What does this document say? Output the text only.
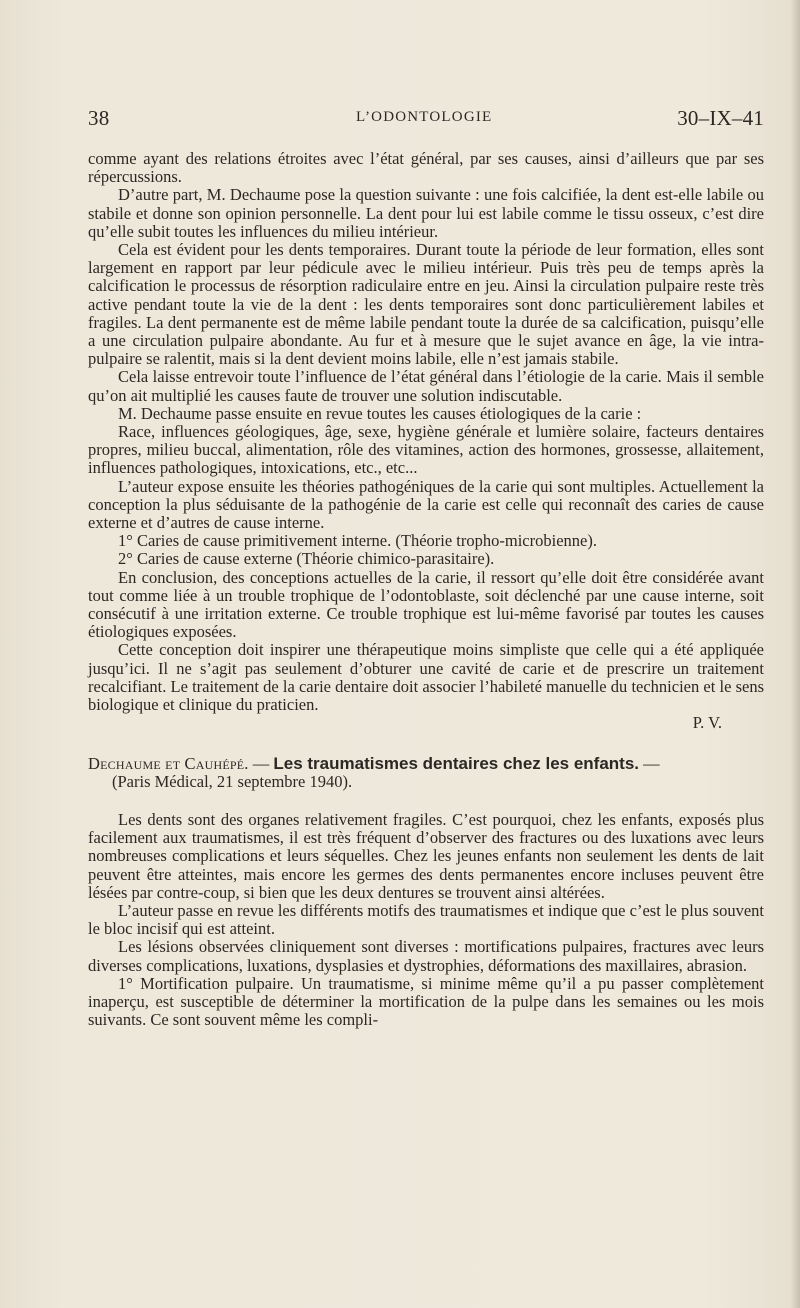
38	L’ODONTOLOGIE	30–IX–41

comme ayant des relations étroites avec l’état général, par ses causes, ainsi d’ailleurs que par ses répercussions.

D’autre part, M. Dechaume pose la question suivante : une fois calcifiée, la dent est-elle labile ou stabile et donne son opinion personnelle. La dent pour lui est labile comme le tissu osseux, c’est dire qu’elle subit toutes les influences du milieu intérieur.

Cela est évident pour les dents temporaires. Durant toute la période de leur formation, elles sont largement en rapport par leur pédicule avec le milieu intérieur. Puis très peu de temps après la calcification le processus de résorption radiculaire entre en jeu. Ainsi la circulation pulpaire reste très active pendant toute la vie de la dent : les dents temporaires sont donc particulièrement labiles et fragiles. La dent permanente est de même labile pendant toute la durée de sa calcification, puisqu’elle a une circulation pulpaire abondante. Au fur et à mesure que le sujet avance en âge, la vie intra-pulpaire se ralentit, mais si la dent devient moins labile, elle n’est jamais stabile.

Cela laisse entrevoir toute l’influence de l’état général dans l’étiologie de la carie. Mais il semble qu’on ait multiplié les causes faute de trouver une solution indiscutable.

M. Dechaume passe ensuite en revue toutes les causes étiologiques de la carie :

Race, influences géologiques, âge, sexe, hygiène générale et lumière solaire, facteurs dentaires propres, milieu buccal, alimentation, rôle des vitamines, action des hormones, grossesse, allaitement, influences pathologiques, intoxications, etc., etc...

L’auteur expose ensuite les théories pathogéniques de la carie qui sont multiples. Actuellement la conception la plus séduisante de la pathogénie de la carie est celle qui reconnaît des caries de cause externe et d’autres de cause interne.

1° Caries de cause primitivement interne. (Théorie tropho-microbienne).

2° Caries de cause externe (Théorie chimico-parasitaire).

En conclusion, des conceptions actuelles de la carie, il ressort qu’elle doit être considérée avant tout comme liée à un trouble trophique de l’odontoblaste, soit déclenché par une cause interne, soit consécutif à une irritation externe. Ce trouble trophique est lui-même favorisé par toutes les causes étiologiques exposées.

Cette conception doit inspirer une thérapeutique moins simpliste que celle qui a été appliquée jusqu’ici. Il ne s’agit pas seulement d’obturer une cavité de carie et de prescrire un traitement recalcifiant. Le traitement de la carie dentaire doit associer l’habileté manuelle du technicien et le sens biologique et clinique du praticien.

P. V.

Dechaume et Cauhépé. — Les traumatismes dentaires chez les enfants. —

(Paris Médical, 21 septembre 1940).

Les dents sont des organes relativement fragiles. C’est pourquoi, chez les enfants, exposés plus facilement aux traumatismes, il est très fréquent d’observer des fractures ou des luxations avec leurs nombreuses complications et leurs séquelles. Chez les jeunes enfants non seulement les dents de lait peuvent être atteintes, mais encore les germes des dents permanentes encore incluses peuvent être lésées par contre-coup, si bien que les deux dentures se trouvent ainsi altérées.

L’auteur passe en revue les différents motifs des traumatismes et indique que c’est le plus souvent le bloc incisif qui est atteint.

Les lésions observées cliniquement sont diverses : mortifications pulpaires, fractures avec leurs diverses complications, luxations, dysplasies et dystrophies, déformations des maxillaires, abrasion.

1° Mortification pulpaire. Un traumatisme, si minime même qu’il a pu passer complètement inaperçu, est susceptible de déterminer la mortification de la pulpe dans les semaines ou les mois suivants. Ce sont souvent même les compli-
